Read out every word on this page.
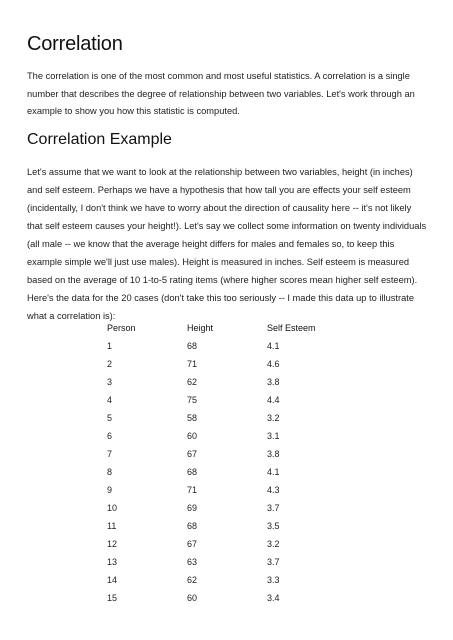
Correlation

The correlation is one of the most common and most useful statistics. A correlation is a single number that describes the degree of relationship between two variables. Let's work through an example to show you how this statistic is computed.

Correlation Example

Let's assume that we want to look at the relationship between two variables, height (in inches) and self esteem. Perhaps we have a hypothesis that how tall you are effects your self esteem (incidentally, I don't think we have to worry about the direction of causality here -- it's not likely that self esteem causes your height!). Let's say we collect some information on twenty individuals (all male -- we know that the average height differs for males and females so, to keep this example simple we'll just use males). Height is measured in inches. Self esteem is measured based on the average of 10 1-to-5 rating items (where higher scores mean higher self esteem). Here's the data for the 20 cases (don't take this too seriously -- I made this data up to illustrate what a correlation is):

Person	Height	Self Esteem
1	68	4.1
2	71	4.6
3	62	3.8
4	75	4.4
5	58	3.2
6	60	3.1
7	67	3.8
8	68	4.1
9	71	4.3
10	69	3.7
11	68	3.5
12	67	3.2
13	63	3.7
14	62	3.3
15	60	3.4
